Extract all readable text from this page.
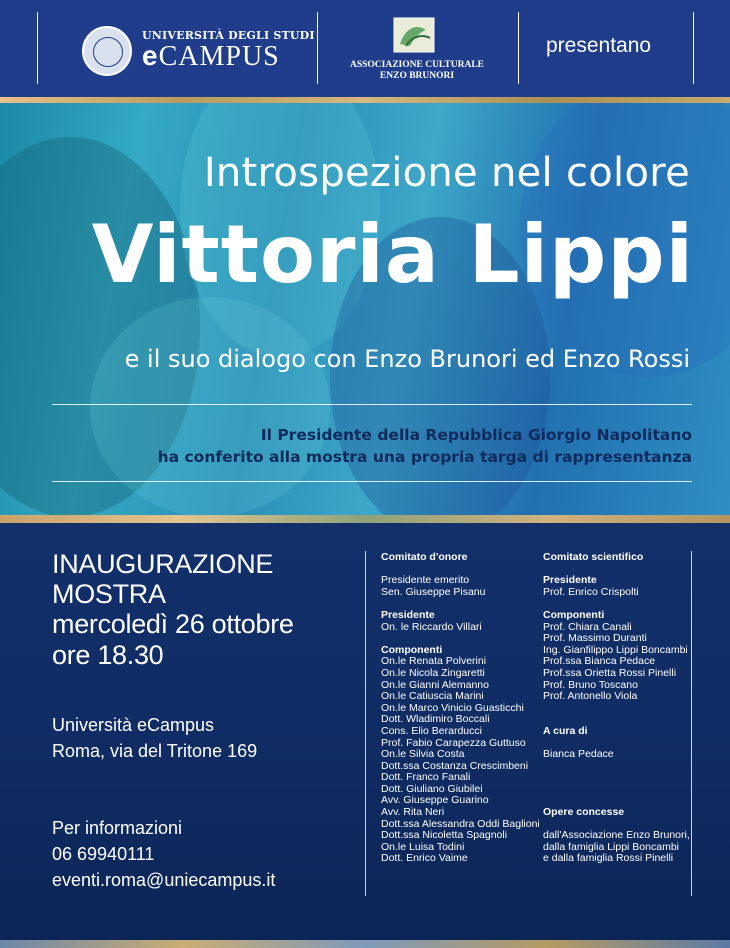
UNIVERSITÀ DEGLI STUDI
eCAMPUS	ASSOCIAZIONE CULTURALE
ENZO BRUNORI
presentano
Introspezione nel colore
Vittoria Lippi
e il suo dialogo con Enzo Brunori ed Enzo Rossi
Il Presidente della Repubblica Giorgio Napolitano
ha conferito alla mostra una propria targa di rappresentanza
INAUGURAZIONE
MOSTRA
mercoledì 26 ottobre
ore 18.30
Università eCampus
Roma, via del Tritone 169
Per informazioni
06 69940111
eventi.roma@uniecampus.it
Comitato d'onore
Presidente emerito
Sen. Giuseppe Pisanu
Presidente
On. le Riccardo Villari
Componenti
On.le Renata Polverini
On.le Nicola Zingaretti
On.le Gianni Alemanno
On.le Catiuscia Marini
On.le Marco Vinicio Guasticchi
Dott. Wladimiro Boccali
Cons. Elio Berarducci
Prof. Fabio Carapezza Guttuso
On.le Silvia Costa
Dott.ssa Costanza Crescimbeni
Dott. Franco Fanali
Dott. Giuliano Giubilei
Avv. Giuseppe Guarino
Avv. Rita Neri
Dott.ssa Alessandra Oddi Baglioni
Dott.ssa Nicoletta Spagnoli
On.le Luisa Todini
Dott. Enrico Vaime
Comitato scientifico
Presidente
Prof. Enrico Crispolti
Componenti
Prof. Chiara Canali
Prof. Massimo Duranti
Ing. Gianfilippo Lippi Boncambi
Prof.ssa Bianca Pedace
Prof.ssa Orietta Rossi Pinelli
Prof. Bruno Toscano
Prof. Antonello Viola
A cura di
Bianca Pedace
Opere concesse
dall'Associazione Enzo Brunori,
dalla famiglia Lippi Boncambi
e dalla famiglia Rossi Pinelli
